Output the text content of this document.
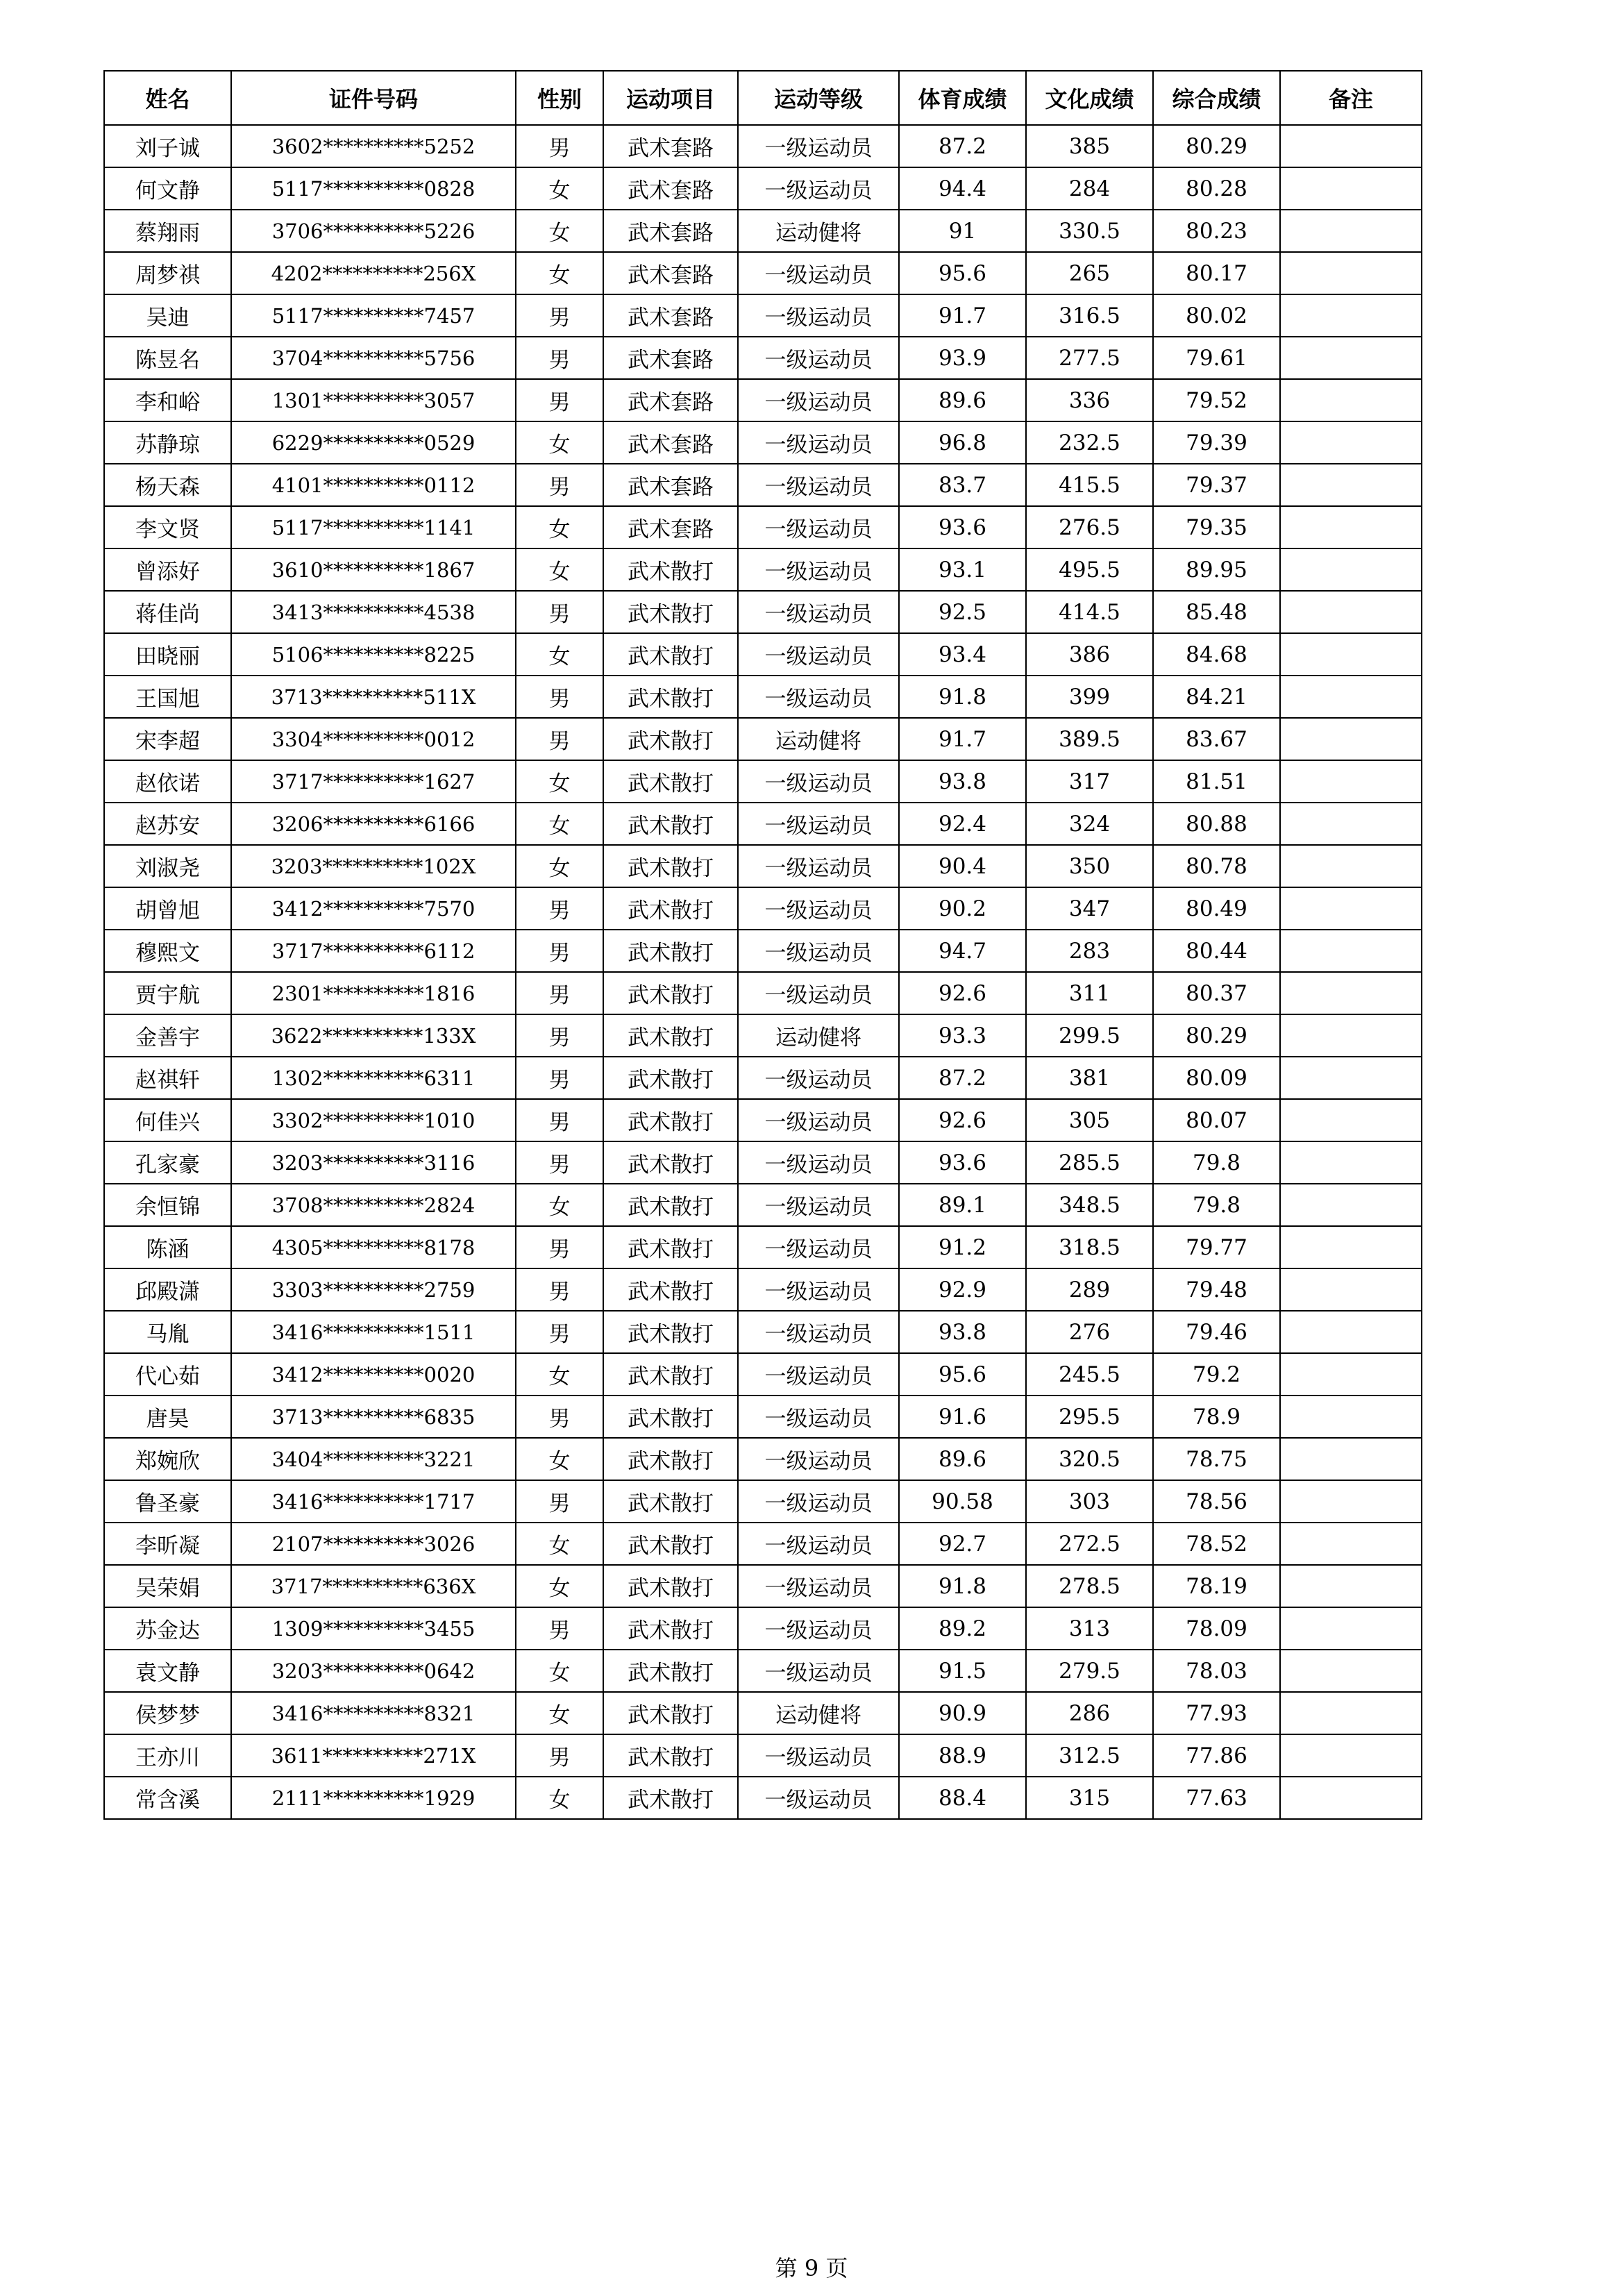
姓名	证件号码	性别	运动项目	运动等级	体育成绩	文化成绩	综合成绩	备注
刘子诚	3602**********5252	男	武术套路	一级运动员	87.2	385	80.29	
何文静	5117**********0828	女	武术套路	一级运动员	94.4	284	80.28	
蔡翔雨	3706**********5226	女	武术套路	运动健将	91	330.5	80.23	
周梦祺	4202**********256X	女	武术套路	一级运动员	95.6	265	80.17	
吴迪	5117**********7457	男	武术套路	一级运动员	91.7	316.5	80.02	
陈昱名	3704**********5756	男	武术套路	一级运动员	93.9	277.5	79.61	
李和峪	1301**********3057	男	武术套路	一级运动员	89.6	336	79.52	
苏静琼	6229**********0529	女	武术套路	一级运动员	96.8	232.5	79.39	
杨天森	4101**********0112	男	武术套路	一级运动员	83.7	415.5	79.37	
李文贤	5117**********1141	女	武术套路	一级运动员	93.6	276.5	79.35	
曾添好	3610**********1867	女	武术散打	一级运动员	93.1	495.5	89.95	
蒋佳尚	3413**********4538	男	武术散打	一级运动员	92.5	414.5	85.48	
田晓丽	5106**********8225	女	武术散打	一级运动员	93.4	386	84.68	
王国旭	3713**********511X	男	武术散打	一级运动员	91.8	399	84.21	
宋李超	3304**********0012	男	武术散打	运动健将	91.7	389.5	83.67	
赵依诺	3717**********1627	女	武术散打	一级运动员	93.8	317	81.51	
赵苏安	3206**********6166	女	武术散打	一级运动员	92.4	324	80.88	
刘淑尧	3203**********102X	女	武术散打	一级运动员	90.4	350	80.78	
胡曾旭	3412**********7570	男	武术散打	一级运动员	90.2	347	80.49	
穆熙文	3717**********6112	男	武术散打	一级运动员	94.7	283	80.44	
贾宇航	2301**********1816	男	武术散打	一级运动员	92.6	311	80.37	
金善宇	3622**********133X	男	武术散打	运动健将	93.3	299.5	80.29	
赵祺轩	1302**********6311	男	武术散打	一级运动员	87.2	381	80.09	
何佳兴	3302**********1010	男	武术散打	一级运动员	92.6	305	80.07	
孔家豪	3203**********3116	男	武术散打	一级运动员	93.6	285.5	79.8	
余恒锦	3708**********2824	女	武术散打	一级运动员	89.1	348.5	79.8	
陈涵	4305**********8178	男	武术散打	一级运动员	91.2	318.5	79.77	
邱殿潇	3303**********2759	男	武术散打	一级运动员	92.9	289	79.48	
马胤	3416**********1511	男	武术散打	一级运动员	93.8	276	79.46	
代心茹	3412**********0020	女	武术散打	一级运动员	95.6	245.5	79.2	
唐昊	3713**********6835	男	武术散打	一级运动员	91.6	295.5	78.9	
郑婉欣	3404**********3221	女	武术散打	一级运动员	89.6	320.5	78.75	
鲁圣豪	3416**********1717	男	武术散打	一级运动员	90.58	303	78.56	
李昕凝	2107**********3026	女	武术散打	一级运动员	92.7	272.5	78.52	
吴荣娟	3717**********636X	女	武术散打	一级运动员	91.8	278.5	78.19	
苏金达	1309**********3455	男	武术散打	一级运动员	89.2	313	78.09	
袁文静	3203**********0642	女	武术散打	一级运动员	91.5	279.5	78.03	
侯梦梦	3416**********8321	女	武术散打	运动健将	90.9	286	77.93	
王亦川	3611**********271X	男	武术散打	一级运动员	88.9	312.5	77.86	
常含溪	2111**********1929	女	武术散打	一级运动员	88.4	315	77.63	
第 9 页
